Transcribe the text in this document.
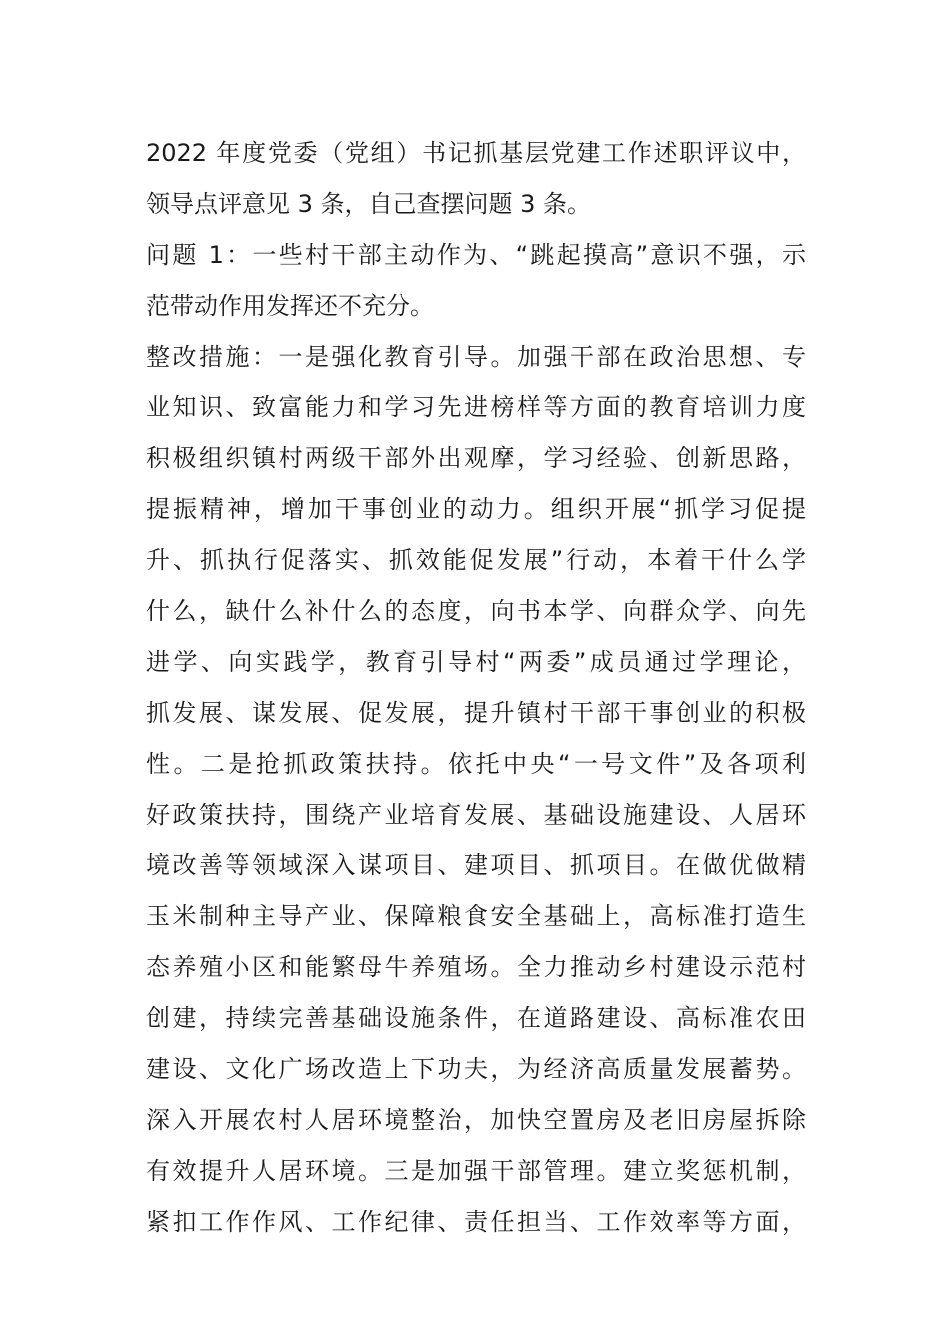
2022 年度党委（党组）书记抓基层党建工作述职评议中，
领导点评意见 3 条，自己查摆问题 3 条。
问题 1：一些村干部主动作为、“跳起摸高”意识不强，示
范带动作用发挥还不充分。
整改措施：一是强化教育引导。加强干部在政治思想、专
业知识、致富能力和学习先进榜样等方面的教育培训力度
积极组织镇村两级干部外出观摩，学习经验、创新思路，
提振精神，增加干事创业的动力。组织开展“抓学习促提
升、抓执行促落实、抓效能促发展”行动，本着干什么学
什么，缺什么补什么的态度，向书本学、向群众学、向先
进学、向实践学，教育引导村“两委”成员通过学理论，
抓发展、谋发展、促发展，提升镇村干部干事创业的积极
性。二是抢抓政策扶持。依托中央“一号文件”及各项利
好政策扶持，围绕产业培育发展、基础设施建设、人居环
境改善等领域深入谋项目、建项目、抓项目。在做优做精
玉米制种主导产业、保障粮食安全基础上，高标准打造生
态养殖小区和能繁母牛养殖场。全力推动乡村建设示范村
创建，持续完善基础设施条件，在道路建设、高标准农田
建设、文化广场改造上下功夫，为经济高质量发展蓄势。
深入开展农村人居环境整治，加快空置房及老旧房屋拆除
有效提升人居环境。三是加强干部管理。建立奖惩机制，
紧扣工作作风、工作纪律、责任担当、工作效率等方面，
